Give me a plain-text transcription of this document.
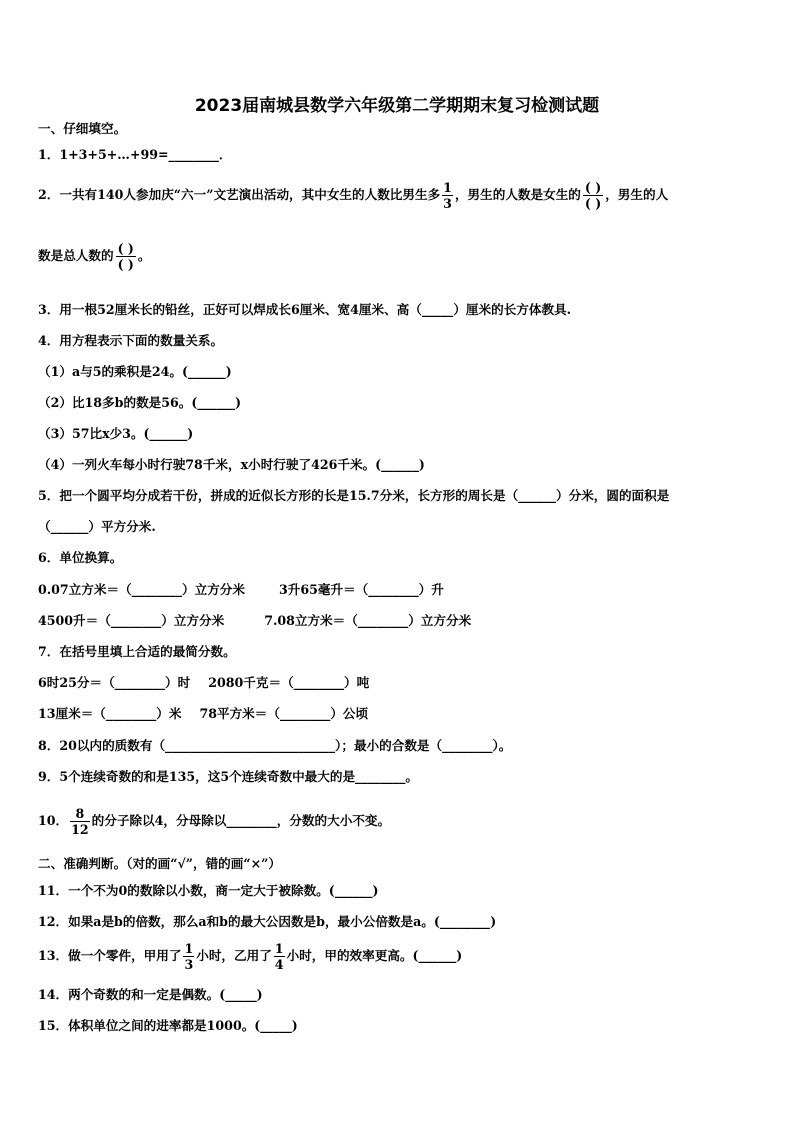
2023届南城县数学六年级第二学期期末复习检测试题
一、仔细填空。
1．1+3+5+…+99=________．
2．一共有140人参加庆“六一”文艺演出活动，其中女生的人数比男生多 $\frac{1}{3}$ ，男生的人数是女生的 $\frac{( )}{( )}$ ，男生的人
数是总人数的 $\frac{( )}{( )}$ 。
3．用一根52厘米长的铅丝，正好可以焊成长6厘米、宽4厘米、高（_____）厘米的长方体教具.
4．用方程表示下面的数量关系。
（1）a与5的乘积是24。(______)
（2）比18多b的数是56。(______)
（3）57比x少3。(______)
（4）一列火车每小时行驶78千米，x小时行驶了426千米。(______)
5．把一个圆平均分成若干份，拼成的近似长方形的长是15.7分米，长方形的周长是（______）分米，圆的面积是
（______）平方分米.
6．单位换算。
0.07立方米＝（________）立方分米	3升65毫升＝（________）升
4500升＝（________）立方分米	7.08立方米＝（________）立方分米
7．在括号里填上合适的最简分数。
6时25分＝（________）时 2080千克＝（________）吨
13厘米＝（________）米 78平方米＝（________）公顷
8．20以内的质数有（___________________________）；最小的合数是（________）。
9．5个连续奇数的和是135，这5个连续奇数中最大的是________。
10． $\frac{8}{12}$ 的分子除以4，分母除以________，分数的大小不变。
二、准确判断。（对的画“√”，错的画“×”）
11．一个不为0的数除以小数，商一定大于被除数。(______)
12．如果a是b的倍数，那么a和b的最大公因数是b，最小公倍数是a。(________)
13．做一个零件，甲用了 $\frac{1}{3}$ 小时，乙用了 $\frac{1}{4}$ 小时，甲的效率更高。(______)
14．两个奇数的和一定是偶数。(_____)
15．体积单位之间的进率都是1000。(_____)
